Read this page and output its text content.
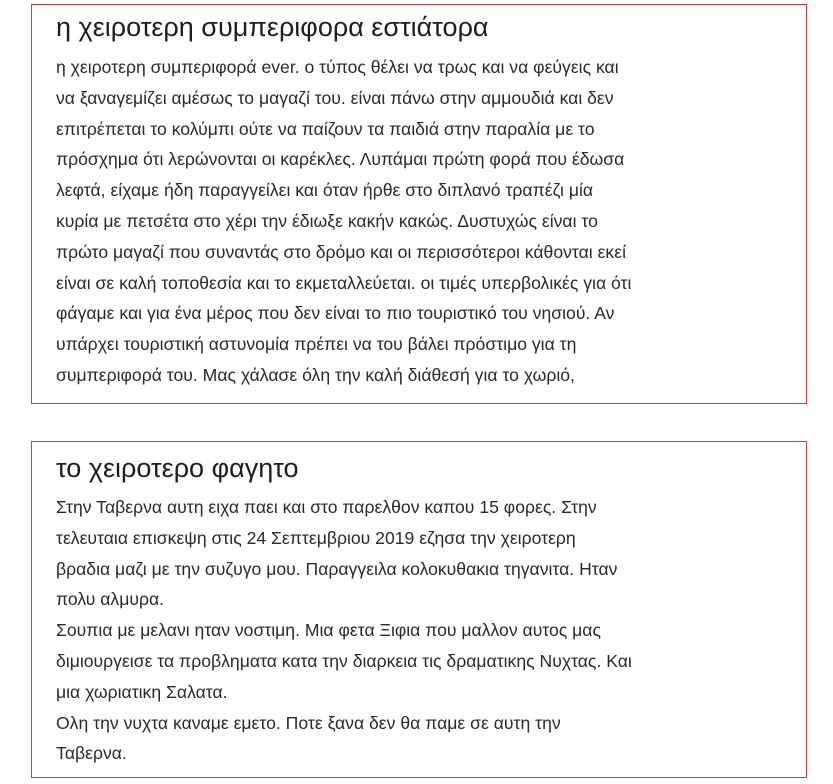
η χειροτερη συμπεριφορα εστιάτορα
η χειροτερη συμπεριφορά ever. ο τύπος θέλει να τρως και να φεύγεις και
να ξαναγεμίζει αμέσως το μαγαζί του. είναι πάνω στην αμμουδιά και δεν
επιτρέπεται το κολύμπι ούτε να παίζουν τα παιδιά στην παραλία με το
πρόσχημα ότι λερώνονται οι καρέκλες. Λυπάμαι πρώτη φορά που έδωσα
λεφτά, είχαμε ήδη παραγγείλει και όταν ήρθε στο διπλανό τραπέζι μία
κυρία με πετσέτα στο χέρι την έδιωξε κακήν κακώς. Δυστυχώς είναι το
πρώτο μαγαζί που συναντάς στο δρόμο και οι περισσότεροι κάθονται εκεί
είναι σε καλή τοποθεσία και το εκμεταλλεύεται. οι τιμές υπερβολικές για ότι
φάγαμε και για ένα μέρος που δεν είναι το πιο τουριστικό του νησιού. Αν
υπάρχει τουριστική αστυνομία πρέπει να του βάλει πρόστιμο για τη
συμπεριφορά του. Μας χάλασε όλη την καλή διάθεσή για το χωριό,
το χειροτερο φαγητο
Στην Ταβερνα αυτη ειχα παει και στο παρελθον καπου 15 φορες. Στην
τελευταια επισκεψη στις 24 Σεπτεμβριου 2019 εζησα την χειροτερη
βραδια μαζι με την συζυγο μου. Παραγγειλα κολοκυθακια τηγανιτα. Ηταν
πολυ αλμυρα.
Σουπια με μελανι ηταν νοστιμη. Μια φετα Ξιφια που μαλλον αυτος μας
διμιουργεισε τα προβληματα κατα την διαρκεια τις δραματικης Νυχτας. Και
μια χωριατικη Σαλατα.
Ολη την νυχτα καναμε εμετο. Ποτε ξανα δεν θα παμε σε αυτη την
Ταβερνα.
